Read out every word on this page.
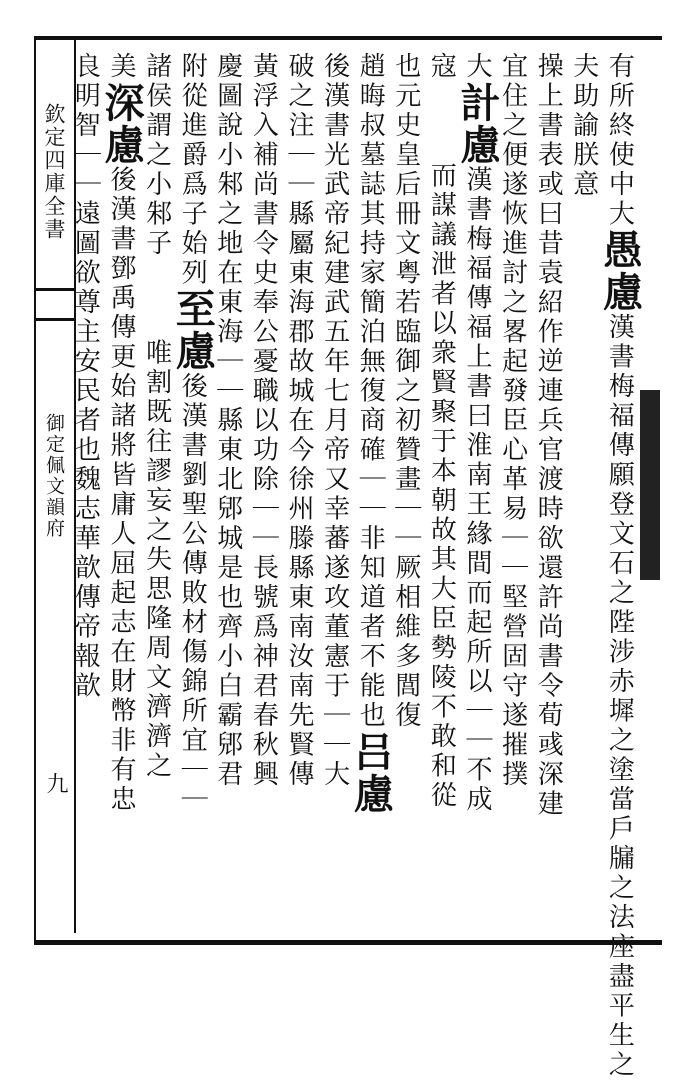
欽定四庫全書
御定佩文韻府
九
有所終使中大愚慮漢書梅福傳願登文石之陛涉赤墀之塗當戶牖之法座盡平生之
夫助諭朕意
操上書表或曰昔袁紹作逆連兵官渡時欲還許尚書令荀彧深建
宜住之便遂恢進討之畧起發臣心革易｜｜堅營固守遂摧撲
大計慮漢書梅福傳福上書曰淮南王緣間而起所以｜｜不成
寇而謀議泄者以衆賢聚于本朝故其大臣勢陵不敢和從
也元史皇后冊文粤若臨御之初贊畫｜｜厥相維多閭復
趙晦叔墓誌其持家簡泊無復商確｜｜非知道者不能也吕慮
後漢書光武帝紀建武五年七月帝又幸蕃遂攻董憲于｜｜大
破之注｜｜縣屬東海郡故城在今徐州滕縣東南汝南先賢傳
黃浮入補尚書令史奉公憂職以功除｜｜長號爲神君春秋興
慶圖說小邾之地在東海｜｜縣東北郳城是也齊小白霸郳君
附從進爵爲子始列至慮後漢書劉聖公傳敗材傷錦所宜｜｜
諸侯謂之小邾子唯割既往謬妄之失思隆周文濟濟之
美深慮後漢書鄧禹傳更始諸將皆庸人屈起志在財幣非有忠
良明智｜｜遠圖欲尊主安民者也魏志華歆傳帝報歆
